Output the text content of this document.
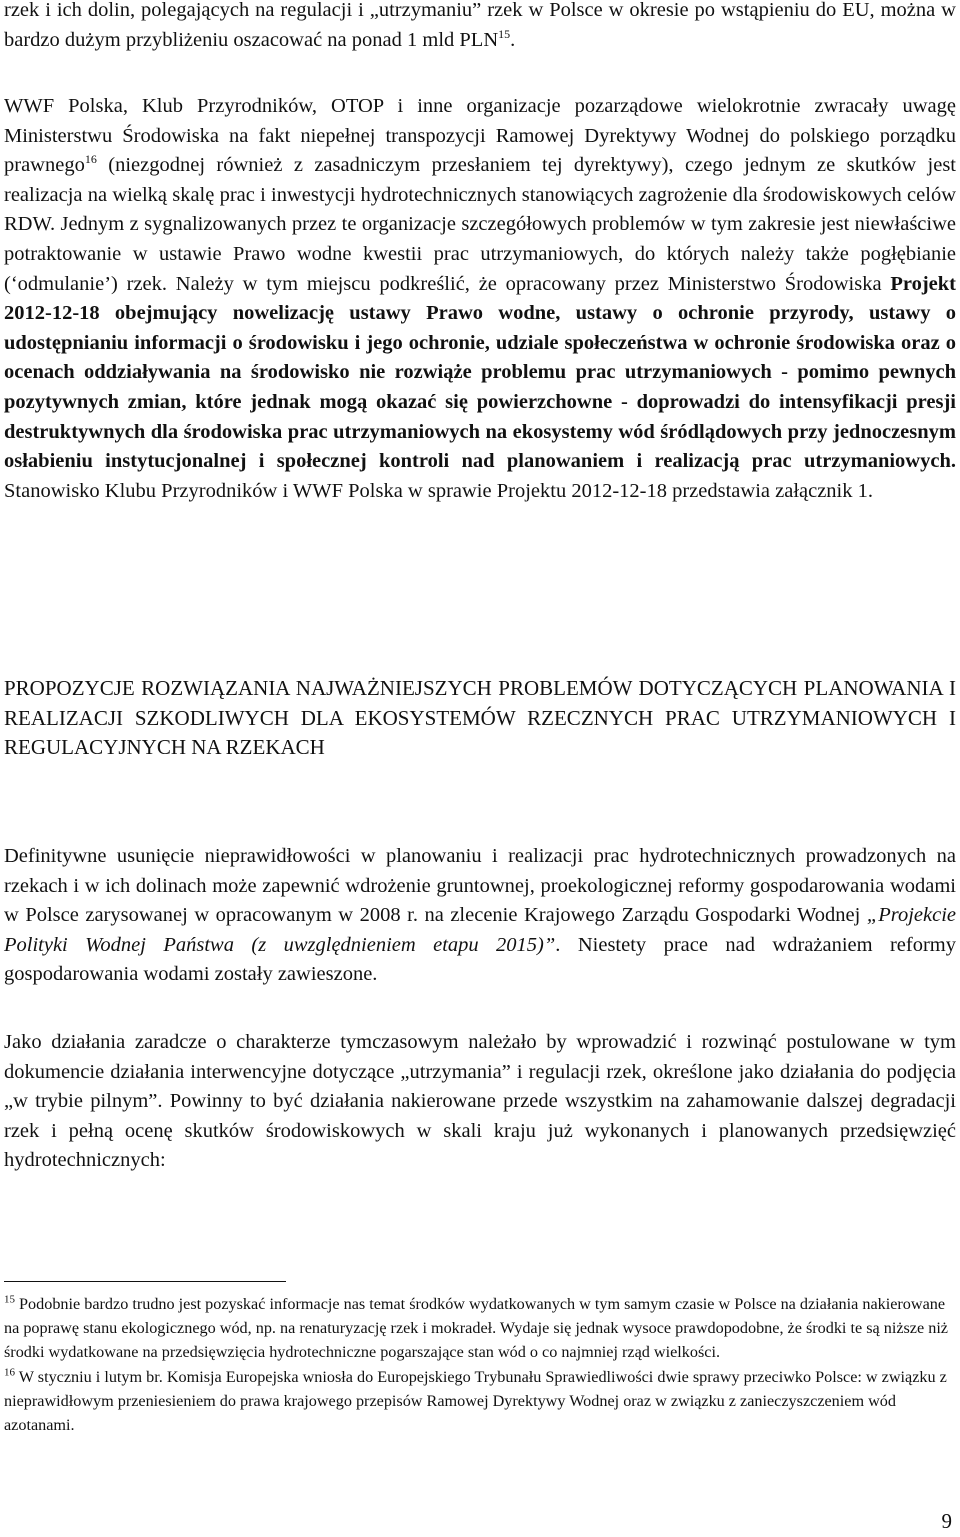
rzek i ich dolin, polegających na regulacji i „utrzymaniu” rzek w Polsce w okresie po wstąpieniu do EU, można w bardzo dużym przybliżeniu oszacować na ponad 1 mld PLN$^{15}$.

WWF Polska, Klub Przyrodników, OTOP i inne organizacje pozarządowe wielokrotnie zwracały uwagę Ministerstwu Środowiska na fakt niepełnej transpozycji Ramowej Dyrektywy Wodnej do polskiego porządku prawnego$^{16}$ (niezgodnej również z zasadniczym przesłaniem tej dyrektywy), czego jednym ze skutków jest realizacja na wielką skalę prac i inwestycji hydrotechnicznych stanowiących zagrożenie dla środowiskowych celów RDW. Jednym z sygnalizowanych przez te organizacje szczegółowych problemów w tym zakresie jest niewłaściwe potraktowanie w ustawie Prawo wodne kwestii prac utrzymaniowych, do których należy także pogłębianie (‘odmulanie’) rzek. Należy w tym miejscu podkreślić, że opracowany przez Ministerstwo Środowiska Projekt 2012-12-18 obejmujący nowelizację ustawy Prawo wodne, ustawy o ochronie przyrody, ustawy o udostępnianiu informacji o środowisku i jego ochronie, udziale społeczeństwa w ochronie środowiska oraz o ocenach oddziaływania na środowisko nie rozwiąże problemu prac utrzymaniowych - pomimo pewnych pozytywnych zmian, które jednak mogą okazać się powierzchowne - doprowadzi do intensyfikacji presji destruktywnych dla środowiska prac utrzymaniowych na ekosystemy wód śródlądowych przy jednoczesnym osłabieniu instytucjonalnej i społecznej kontroli nad planowaniem i realizacją prac utrzymaniowych. Stanowisko Klubu Przyrodników i WWF Polska w sprawie Projektu 2012-12-18 przedstawia załącznik 1.

PROPOZYCJE ROZWIĄZANIA NAJWAŻNIEJSZYCH PROBLEMÓW DOTYCZĄCYCH PLANOWANIA I REALIZACJI SZKODLIWYCH DLA EKOSYSTEMÓW RZECZNYCH PRAC UTRZYMANIOWYCH I REGULACYJNYCH NA RZEKACH

Definitywne usunięcie nieprawidłowości w planowaniu i realizacji prac hydrotechnicznych prowadzonych na rzekach i w ich dolinach może zapewnić wdrożenie gruntownej, proekologicznej reformy gospodarowania wodami w Polsce zarysowanej w opracowanym w 2008 r. na zlecenie Krajowego Zarządu Gospodarki Wodnej „Projekcie Polityki Wodnej Państwa (z uwzględnieniem etapu 2015)”. Niestety prace nad wdrażaniem reformy gospodarowania wodami zostały zawieszone.

Jako działania zaradcze o charakterze tymczasowym należało by wprowadzić i rozwinąć postulowane w tym dokumencie działania interwencyjne dotyczące „utrzymania” i regulacji rzek, określone jako działania do podjęcia „w trybie pilnym”. Powinny to być działania nakierowane przede wszystkim na zahamowanie dalszej degradacji rzek i pełną ocenę skutków środowiskowych w skali kraju już wykonanych i planowanych przedsięwzięć hydrotechnicznych:

$^{15}$ Podobnie bardzo trudno jest pozyskać informacje nas temat środków wydatkowanych w tym samym czasie w Polsce na działania nakierowane na poprawę stanu ekologicznego wód, np. na renaturyzację rzek i mokradeł. Wydaje się jednak wysoce prawdopodobne, że środki te są niższe niż środki wydatkowane na przedsięwzięcia hydrotechniczne pogarszające stan wód o co najmniej rząd wielkości.

$^{16}$ W styczniu i lutym br. Komisja Europejska wniosła do Europejskiego Trybunału Sprawiedliwości dwie sprawy przeciwko Polsce: w związku z nieprawidłowym przeniesieniem do prawa krajowego przepisów Ramowej Dyrektywy Wodnej oraz w związku z zanieczyszczeniem wód azotanami.

9
